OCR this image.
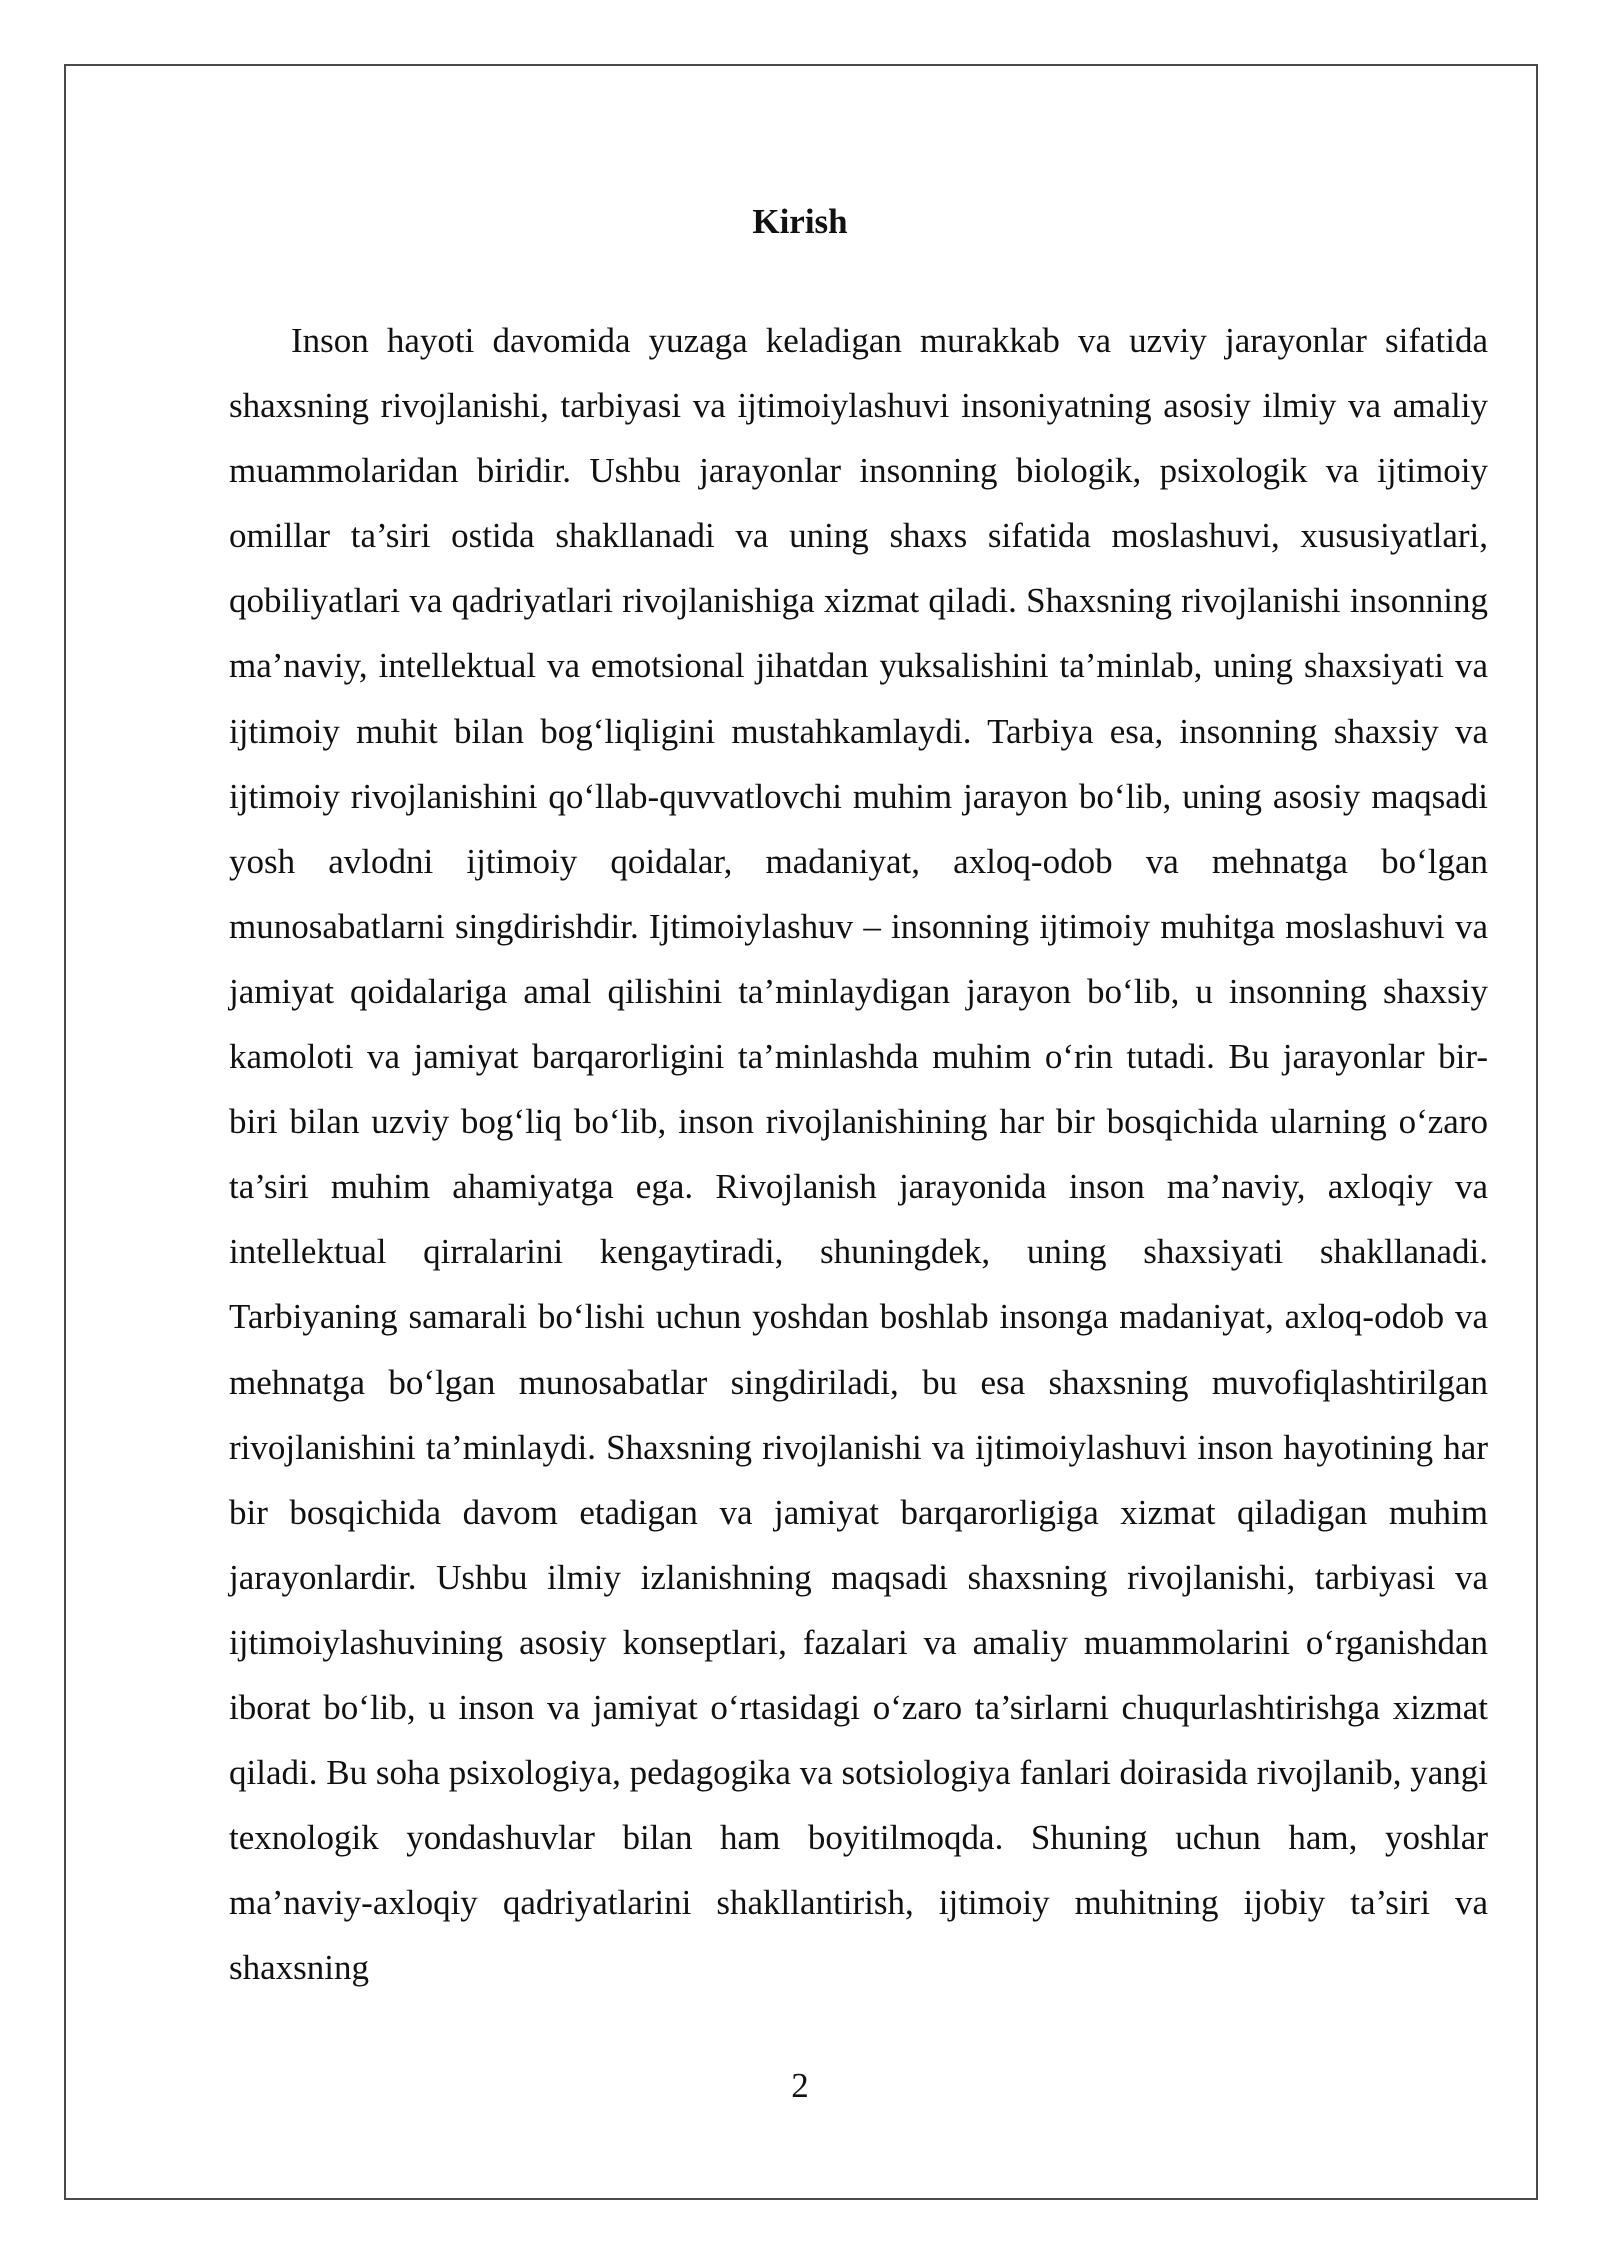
Kirish

Inson hayoti davomida yuzaga keladigan murakkab va uzviy jarayonlar sifatida shaxsning rivojlanishi, tarbiyasi va ijtimoiylashuvi insoniyatning asosiy ilmiy va amaliy muammolaridan biridir. Ushbu jarayonlar insonning biologik, psixologik va ijtimoiy omillar ta’siri ostida shakllanadi va uning shaxs sifatida moslashuvi, xususiyatlari, qobiliyatlari va qadriyatlari rivojlanishiga xizmat qiladi. Shaxsning rivojlanishi insonning ma’naviy, intellektual va emotsional jihatdan yuksalishini ta’minlab, uning shaxsiyati va ijtimoiy muhit bilan bog‘liqligini mustahkamlaydi. Tarbiya esa, insonning shaxsiy va ijtimoiy rivojlanishini qo‘llab-quvvatlovchi muhim jarayon bo‘lib, uning asosiy maqsadi yosh avlodni ijtimoiy qoidalar, madaniyat, axloq-odob va mehnatga bo‘lgan munosabatlarni singdirishdir. Ijtimoiylashuv – insonning ijtimoiy muhitga moslashuvi va jamiyat qoidalariga amal qilishini ta’minlaydigan jarayon bo‘lib, u insonning shaxsiy kamoloti va jamiyat barqarorligini ta’minlashda muhim o‘rin tutadi. Bu jarayonlar bir-biri bilan uzviy bog‘liq bo‘lib, inson rivojlanishining har bir bosqichida ularning o‘zaro ta’siri muhim ahamiyatga ega. Rivojlanish jarayonida inson ma’naviy, axloqiy va intellektual qirralarini kengaytiradi, shuningdek, uning shaxsiyati shakllanadi. Tarbiyaning samarali bo‘lishi uchun yoshdan boshlab insonga madaniyat, axloq-odob va mehnatga bo‘lgan munosabatlar singdiriladi, bu esa shaxsning muvofiqlashtirilgan rivojlanishini ta’minlaydi. Shaxsning rivojlanishi va ijtimoiylashuvi inson hayotining har bir bosqichida davom etadigan va jamiyat barqarorligiga xizmat qiladigan muhim jarayonlardir. Ushbu ilmiy izlanishning maqsadi shaxsning rivojlanishi, tarbiyasi va ijtimoiylashuvining asosiy konseptlari, fazalari va amaliy muammolarini o‘rganishdan iborat bo‘lib, u inson va jamiyat o‘rtasidagi o‘zaro ta’sirlarni chuqurlashtirishga xizmat qiladi. Bu soha psixologiya, pedagogika va sotsiologiya fanlari doirasida rivojlanib, yangi texnologik yondashuvlar bilan ham boyitilmoqda. Shuning uchun ham, yoshlar ma’naviy-axloqiy qadriyatlarini shakllantirish, ijtimoiy muhitning ijobiy ta’siri va shaxsning

2
